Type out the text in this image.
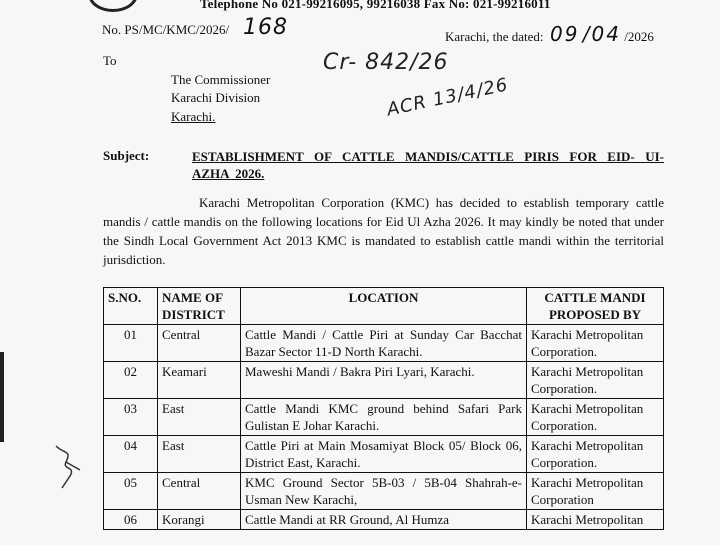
Telephone No 021-99216095, 99216038 Fax No: 021-99216011
No. PS/MC/KMC/2026/ 168	Karachi, the dated: 09 /04 /2026
To
The Commissioner
Karachi Division
Karachi.
Cr- 842/26
ACR 13/4/26
Subject:	ESTABLISHMENT OF CATTLE MANDIS/CATTLE PIRIS FOR EID- UI-AZHA 2026.
Karachi Metropolitan Corporation (KMC) has decided to establish temporary cattle mandis / cattle mandis on the following locations for Eid Ul Azha 2026. It may kindly be noted that under the Sindh Local Government Act 2013 KMC is mandated to establish cattle mandi within the territorial jurisdiction.
S.NO.	NAME OF DISTRICT	LOCATION	CATTLE MANDI PROPOSED BY
01	Central	Cattle Mandi / Cattle Piri at Sunday Car Bacchat Bazar Sector 11-D North Karachi.	Karachi Metropolitan Corporation.
02	Keamari	Maweshi Mandi / Bakra Piri Lyari, Karachi.	Karachi Metropolitan Corporation.
03	East	Cattle Mandi KMC ground behind Safari Park Gulistan E Johar Karachi.	Karachi Metropolitan Corporation.
04	East	Cattle Piri at Main Mosamiyat Block 05/ Block 06, District East, Karachi.	Karachi Metropolitan Corporation.
05	Central	KMC Ground Sector 5B-03 / 5B-04 Shahrah-e-Usman New Karachi,	Karachi Metropolitan Corporation
06	Korangi	Cattle Mandi at RR Ground, Al Humza	Karachi Metropolitan
